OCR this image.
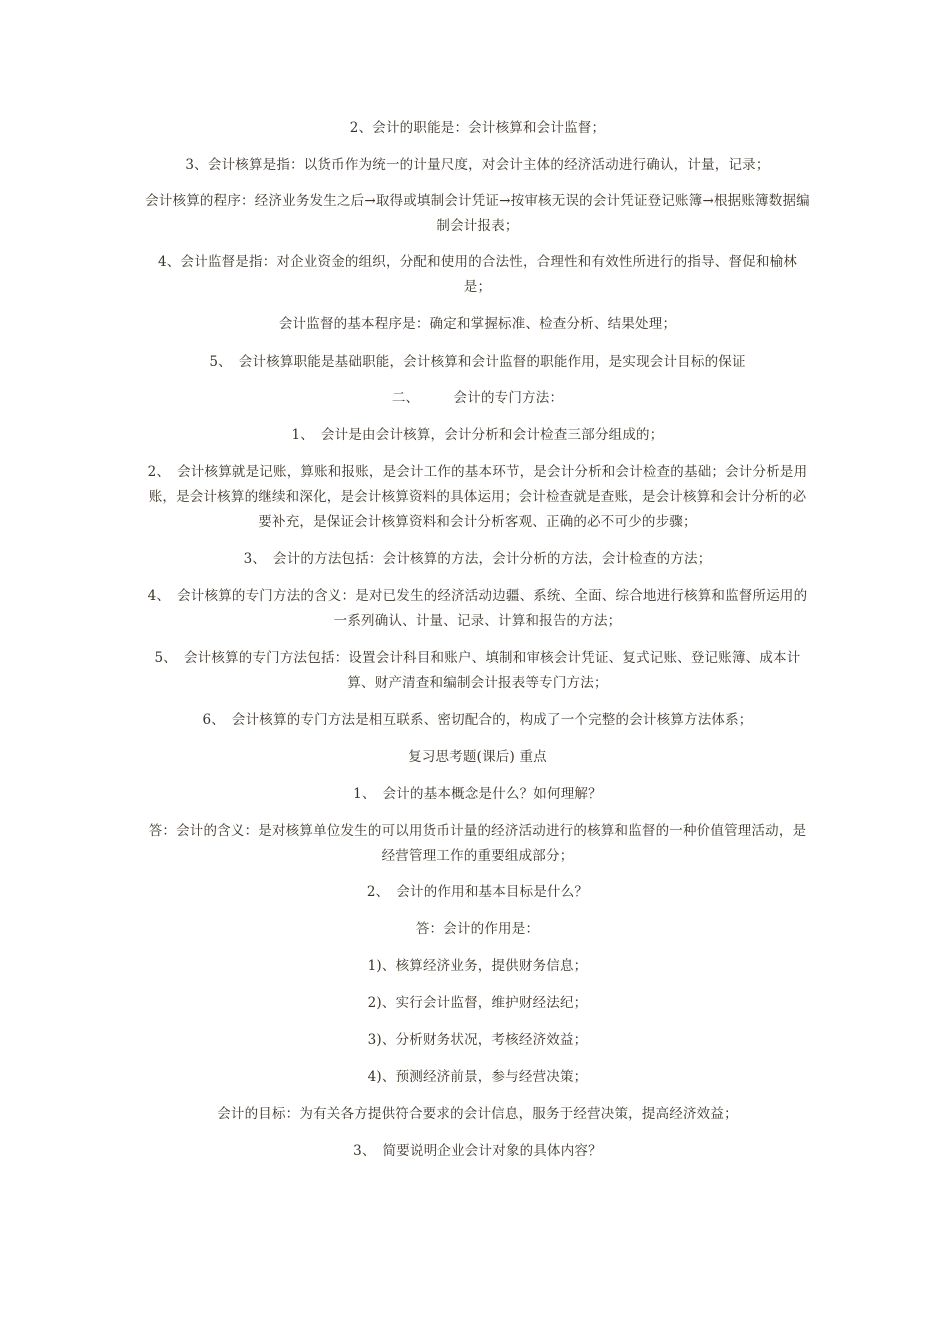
2、会计的职能是：会计核算和会计监督；
3、会计核算是指：以货币作为统一的计量尺度，对会计主体的经济活动进行确认，计量，记录；
会计核算的程序：经济业务发生之后→取得或填制会计凭证→按审核无误的会计凭证登记账簿→根据账簿数据编制会计报表；
4、会计监督是指：对企业资金的组织，分配和使用的合法性，合理性和有效性所进行的指导、督促和榆林是；
会计监督的基本程序是：确定和掌握标准、检查分析、结果处理；
5、　会计核算职能是基础职能，会计核算和会计监督的职能作用，是实现会计目标的保证
二、　　　会计的专门方法：
1、　会计是由会计核算，会计分析和会计检查三部分组成的；
2、　会计核算就是记账，算账和报账，是会计工作的基本环节，是会计分析和会计检查的基础；会计分析是用账，是会计核算的继续和深化，是会计核算资料的具体运用；会计检查就是查账，是会计核算和会计分析的必要补充，是保证会计核算资料和会计分析客观、正确的必不可少的步骤；
3、　会计的方法包括：会计核算的方法，会计分析的方法，会计检查的方法；
4、　会计核算的专门方法的含义：是对已发生的经济活动边疆、系统、全面、综合地进行核算和监督所运用的一系列确认、计量、记录、计算和报告的方法；
5、　会计核算的专门方法包括：设置会计科目和账户、填制和审核会计凭证、复式记账、登记账簿、成本计算、财产清查和编制会计报表等专门方法；
6、　会计核算的专门方法是相互联系、密切配合的，构成了一个完整的会计核算方法体系；
复习思考题(课后) 重点
1、　会计的基本概念是什么？如何理解？
答：会计的含义：是对核算单位发生的可以用货币计量的经济活动进行的核算和监督的一种价值管理活动，是经营管理工作的重要组成部分；
2、　会计的作用和基本目标是什么？
答：会计的作用是：
1)、核算经济业务，提供财务信息；
2)、实行会计监督，维护财经法纪；
3)、分析财务状况，考核经济效益；
4)、预测经济前景，参与经营决策；
会计的目标：为有关各方提供符合要求的会计信息，服务于经营决策，提高经济效益；
3、　简要说明企业会计对象的具体内容？
